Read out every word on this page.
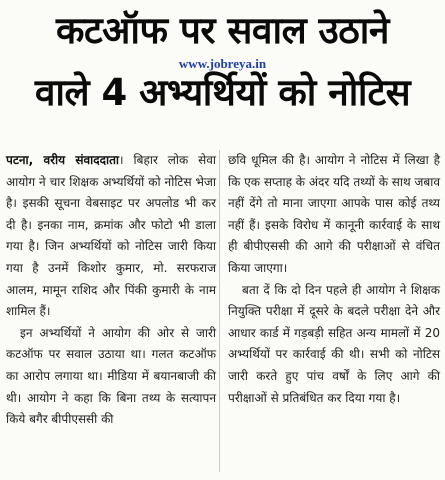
कटऑफ पर सवाल उठाने
www.jobreya.in
वाले 4 अभ्यर्थियों को नोटिस

पटना, वरीय संवाददाता। बिहार लोक सेवा आयोग ने चार शिक्षक अभ्यर्थियों को नोटिस भेजा है। इसकी सूचना वेबसाइट पर अपलोड भी कर दी है। इनका नाम, क्रमांक और फोटो भी डाला गया है। जिन अभ्यर्थियों को नोटिस जारी किया गया है उनमें किशोर कुमार, मो. सरफराज आलम, मामून राशिद और पिंकी कुमारी के नाम शामिल हैं।

इन अभ्यर्थियों ने आयोग की ओर से जारी कटऑफ पर सवाल उठाया था। गलत कटऑफ का आरोप लगाया था। मीडिया में बयानबाजी की थी। आयोग ने कहा कि बिना तथ्य के सत्यापन किये बगैर बीपीएससी की

छवि धूमिल की है। आयोग ने नोटिस में लिखा है कि एक सप्ताह के अंदर यदि तथ्यों के साथ जबाव नहीं देंगे तो माना जाएगा आपके पास कोई तथ्य नहीं हैं। इसके विरोध में कानूनी कार्रवाई के साथ ही बीपीएससी की आगे की परीक्षाओं से वंचित किया जाएगा।

बता दें कि दो दिन पहले ही आयोग ने शिक्षक नियुक्ति परीक्षा में दूसरे के बदले परीक्षा देने और आधार कार्ड में गड़बड़ी सहित अन्य मामलों में 20 अभ्यर्थियों पर कार्रवाई की थी। सभी को नोटिस जारी करते हुए पांच वर्षों के लिए आगे की परीक्षाओं से प्रतिबंधित कर दिया गया है।
